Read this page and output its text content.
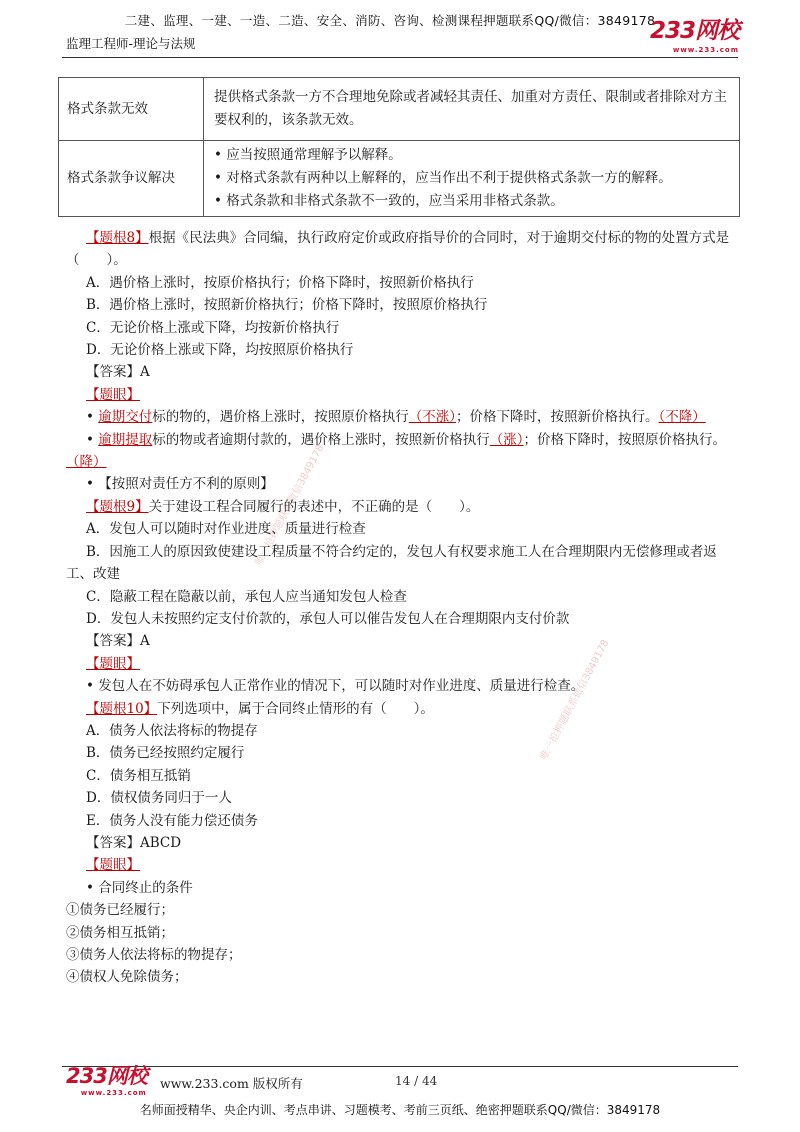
二建、监理、一建、一造、二造、安全、消防、咨询、检测课程押题联系QQ/微信：3849178
监理工程师-理论与法规	233网校
www.233.com
格式条款无效	提供格式条款一方不合理地免除或者减轻其责任、加重对方责任、限制或者排除对方主要权利的，该条款无效。

格式条款争议解决	• 应当按照通常理解予以解释。
• 对格式条款有两种以上解释的，应当作出不利于提供格式条款一方的解释。
• 格式条款和非格式条款不一致的，应当采用非格式条款。
唯一抢押题联系微信3849178
唯一抢押题联系微信3849178

【题根8】根据《民法典》合同编，执行政府定价或政府指导价的合同时，对于逾期交付标的物的处置方式是（　　）。

A．遇价格上涨时，按原价格执行；价格下降时，按照新价格执行

B．遇价格上涨时，按照新价格执行；价格下降时，按照原价格执行

C．无论价格上涨或下降，均按新价格执行

D．无论价格上涨或下降，均按照原价格执行

【答案】A

【题眼】

• 逾期交付标的物的，遇价格上涨时，按照原价格执行（不涨）；价格下降时，按照新价格执行。（不降）

• 逾期提取标的物或者逾期付款的，遇价格上涨时，按照新价格执行（涨）；价格下降时，按照原价格执行。（降）

• 【按照对责任方不利的原则】

【题根9】关于建设工程合同履行的表述中，不正确的是（　　）。

A．发包人可以随时对作业进度、质量进行检查

B．因施工人的原因致使建设工程质量不符合约定的，发包人有权要求施工人在合理期限内无偿修理或者返工、改建

C．隐蔽工程在隐蔽以前，承包人应当通知发包人检查

D．发包人未按照约定支付价款的，承包人可以催告发包人在合理期限内支付价款

【答案】A

【题眼】

• 发包人在不妨碍承包人正常作业的情况下，可以随时对作业进度、质量进行检查。

【题根10】下列选项中，属于合同终止情形的有（　　）。

A．债务人依法将标的物提存

B．债务已经按照约定履行

C．债务相互抵销

D．债权债务同归于一人

E．债务人没有能力偿还债务

【答案】ABCD

【题眼】

• 合同终止的条件

①债务已经履行；

②债务相互抵销；

③债务人依法将标的物提存；

④债权人免除债务；

233网校
www.233.com
www.233.com 版权所有	14 / 44
名师面授精华、央企内训、考点串讲、习题模考、考前三页纸、绝密押题联系QQ/微信：3849178
